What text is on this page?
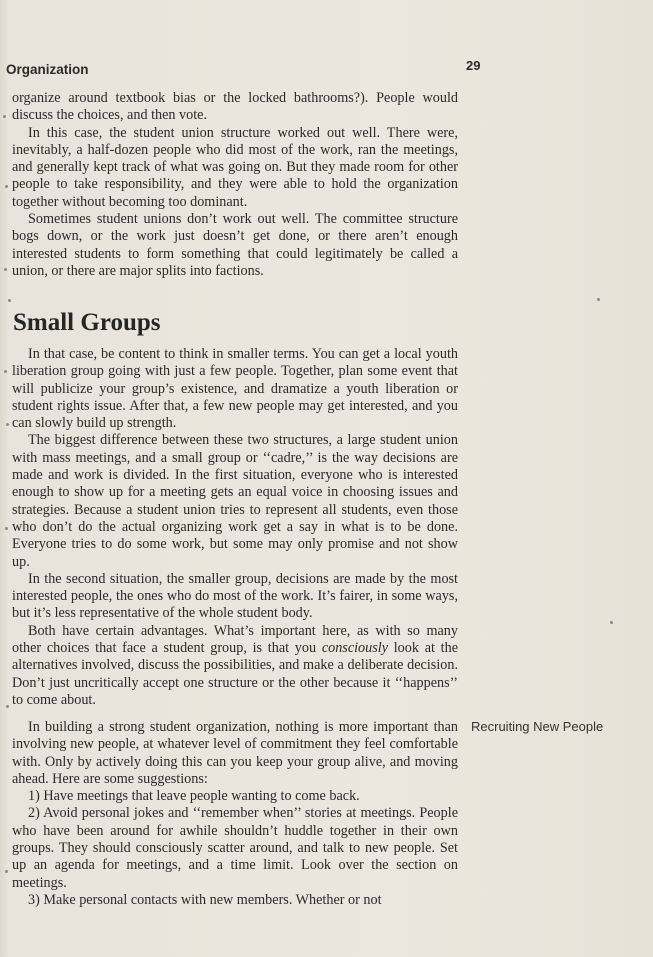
Organization	29

organize around textbook bias or the locked bathrooms?). People would discuss the choices, and then vote.

In this case, the student union structure worked out well. There were, inevitably, a half-dozen people who did most of the work, ran the meetings, and generally kept track of what was going on. But they made room for other people to take responsibility, and they were able to hold the organization together without becoming too dominant.

Sometimes student unions don’t work out well. The committee structure bogs down, or the work just doesn’t get done, or there aren’t enough interested students to form something that could legitimately be called a union, or there are major splits into factions.

Small Groups

In that case, be content to think in smaller terms. You can get a local youth liberation group going with just a few people. Together, plan some event that will publicize your group’s existence, and dramatize a youth liberation or student rights issue. After that, a few new people may get interested, and you can slowly build up strength.

The biggest difference between these two structures, a large student union with mass meetings, and a small group or ‘‘cadre,’’ is the way decisions are made and work is divided. In the first situation, everyone who is interested enough to show up for a meeting gets an equal voice in choosing issues and strategies. Because a student union tries to represent all students, even those who don’t do the actual organizing work get a say in what is to be done. Everyone tries to do some work, but some may only promise and not show up.

In the second situation, the smaller group, decisions are made by the most interested people, the ones who do most of the work. It’s fairer, in some ways, but it’s less representative of the whole student body.

Both have certain advantages. What’s important here, as with so many other choices that face a student group, is that you consciously look at the alternatives involved, discuss the possibilities, and make a deliberate decision. Don’t just uncritically accept one structure or the other because it ‘‘happens’’ to come about.

Recruiting New People

In building a strong student organization, nothing is more important than involving new people, at whatever level of commitment they feel comfortable with. Only by actively doing this can you keep your group alive, and moving ahead. Here are some suggestions:

1) Have meetings that leave people wanting to come back.

2) Avoid personal jokes and ‘‘remember when’’ stories at meetings. People who have been around for awhile shouldn’t huddle together in their own groups. They should consciously scatter around, and talk to new people. Set up an agenda for meetings, and a time limit. Look over the section on meetings.

3) Make personal contacts with new members. Whether or not
